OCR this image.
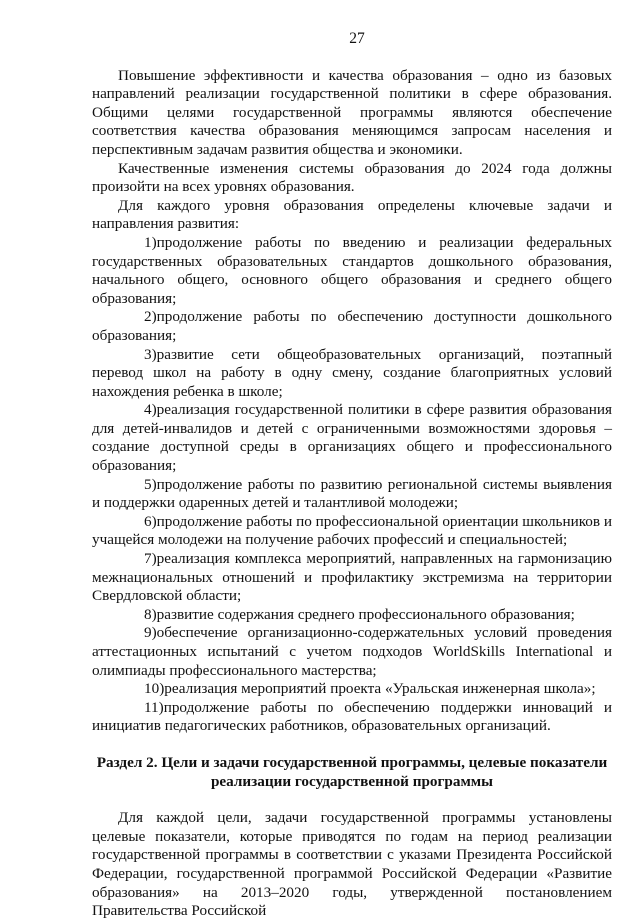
27

Повышение эффективности и качества образования – одно из базовых направлений реализации государственной политики в сфере образования. Общими целями государственной программы являются обеспечение соответствия качества образования меняющимся запросам населения и перспективным задачам развития общества и экономики.

Качественные изменения системы образования до 2024 года должны произойти на всех уровнях образования.

Для каждого уровня образования определены ключевые задачи и направления развития:

1)продолжение работы по введению и реализации федеральных государственных образовательных стандартов дошкольного образования, начального общего, основного общего образования и среднего общего образования;

2)продолжение работы по обеспечению доступности дошкольного образования;

3)развитие сети общеобразовательных организаций, поэтапный перевод школ на работу в одну смену, создание благоприятных условий нахождения ребенка в школе;

4)реализация государственной политики в сфере развития образования для детей-инвалидов и детей с ограниченными возможностями здоровья – создание доступной среды в организациях общего и профессионального образования;

5)продолжение работы по развитию региональной системы выявления и поддержки одаренных детей и талантливой молодежи;

6)продолжение работы по профессиональной ориентации школьников и учащейся молодежи на получение рабочих профессий и специальностей;

7)реализация комплекса мероприятий, направленных на гармонизацию межнациональных отношений и профилактику экстремизма на территории Свердловской области;

8)развитие содержания среднего профессионального образования;

9)обеспечение организационно-содержательных условий проведения аттестационных испытаний с учетом подходов WorldSkills International и олимпиады профессионального мастерства;

10)реализация мероприятий проекта «Уральская инженерная школа»;

11)продолжение работы по обеспечению поддержки инноваций и инициатив педагогических работников, образовательных организаций.

Раздел 2. Цели и задачи государственной программы, целевые показатели реализации государственной программы

Для каждой цели, задачи государственной программы установлены целевые показатели, которые приводятся по годам на период реализации государственной программы в соответствии с указами Президента Российской Федерации, государственной программой Российской Федерации «Развитие образования» на 2013–2020 годы, утвержденной постановлением Правительства Российской
